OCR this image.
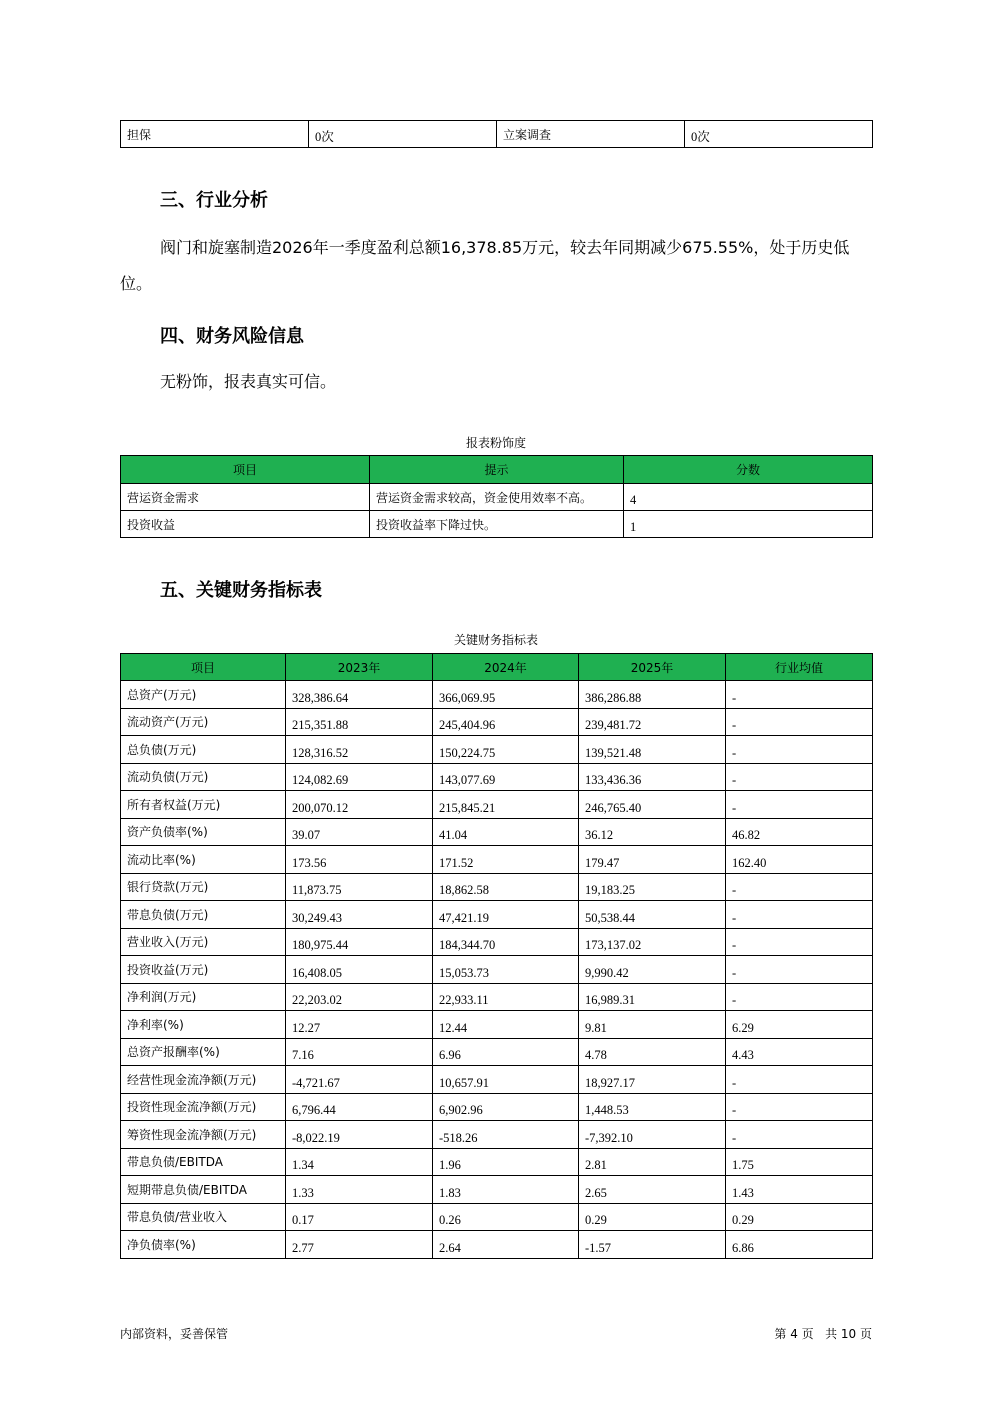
担保	0次	立案调查	0次
三、行业分析
阀门和旋塞制造2026年一季度盈利总额16,378.85万元，较去年同期减少675.55%，处于历史低位。
四、财务风险信息
无粉饰，报表真实可信。
报表粉饰度
项目	提示	分数
营运资金需求	营运资金需求较高，资金使用效率不高。	4
投资收益	投资收益率下降过快。	1
五、关键财务指标表
关键财务指标表
项目	2023年	2024年	2025年	行业均值
总资产(万元)	328,386.64	366,069.95	386,286.88	-
流动资产(万元)	215,351.88	245,404.96	239,481.72	-
总负债(万元)	128,316.52	150,224.75	139,521.48	-
流动负债(万元)	124,082.69	143,077.69	133,436.36	-
所有者权益(万元)	200,070.12	215,845.21	246,765.40	-
资产负债率(%)	39.07	41.04	36.12	46.82
流动比率(%)	173.56	171.52	179.47	162.40
银行贷款(万元)	11,873.75	18,862.58	19,183.25	-
带息负债(万元)	30,249.43	47,421.19	50,538.44	-
营业收入(万元)	180,975.44	184,344.70	173,137.02	-
投资收益(万元)	16,408.05	15,053.73	9,990.42	-
净利润(万元)	22,203.02	22,933.11	16,989.31	-
净利率(%)	12.27	12.44	9.81	6.29
总资产报酬率(%)	7.16	6.96	4.78	4.43
经营性现金流净额(万元)	-4,721.67	10,657.91	18,927.17	-
投资性现金流净额(万元)	6,796.44	6,902.96	1,448.53	-
筹资性现金流净额(万元)	-8,022.19	-518.26	-7,392.10	-
带息负债/EBITDA	1.34	1.96	2.81	1.75
短期带息负债/EBITDA	1.33	1.83	2.65	1.43
带息负债/营业收入	0.17	0.26	0.29	0.29
净负债率(%)	2.77	2.64	-1.57	6.86
内部资料，妥善保管	第 4 页   共 10 页
